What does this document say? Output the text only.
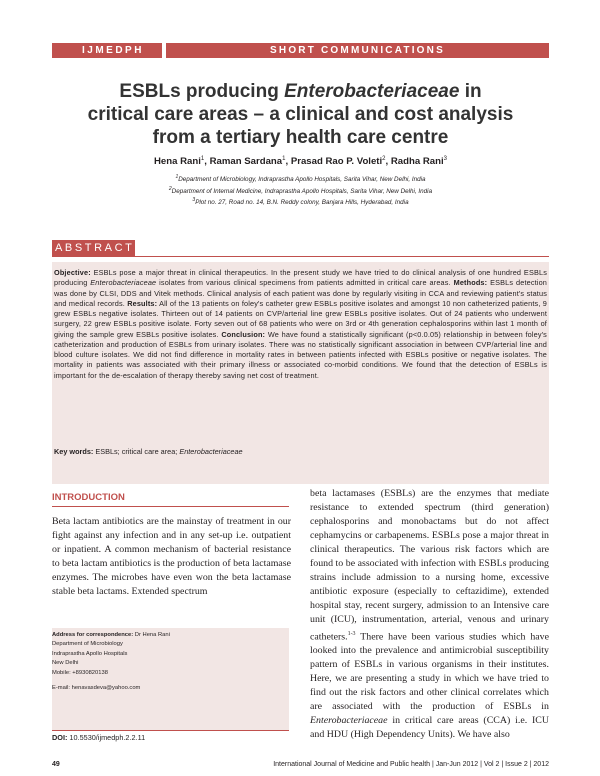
IJMEDPH	SHORT COMMUNICATIONS
ESBLs producing Enterobacteriaceae in
critical care areas – a clinical and cost analysis
from a tertiary health care centre
Hena Rani$^1$, Raman Sardana$^1$, Prasad Rao P. Voleti$^2$, Radha Rani$^3$
$^1$Department of Microbiology, Indraprastha Apollo Hospitals, Sarita Vihar, New Delhi, India
$^2$Department of Internal Medicine, Indraprastha Apollo Hospitals, Sarita Vihar, New Delhi, India
$^3$Plot no. 27, Road no. 14, B.N. Reddy colony, Banjara Hills, Hyderabad, India
ABSTRACT
Objective: ESBLs pose a major threat in clinical therapeutics. In the present study we have tried to do clinical analysis of one hundred ESBLs producing Enterobacteriaceae isolates from various clinical specimens from patients admitted in critical care areas. Methods: ESBLs detection was done by CLSI, DDS and Vitek methods. Clinical analysis of each patient was done by regularly visiting in CCA and reviewing patient's status and medical records. Results: All of the 13 patients on foley's catheter grew ESBLs positive isolates and amongst 10 non catheterized patients, 9 grew ESBLs negative isolates. Thirteen out of 14 patients on CVP/arterial line grew ESBLs positive isolates. Out of 24 patients who underwent surgery, 22 grew ESBLs positive isolate. Forty seven out of 68 patients who were on 3rd or 4th generation cephalosporins within last 1 month of giving the sample grew ESBLs positive isolates. Conclusion: We have found a statistically significant (p<0.0.05) relationship in between foley's catheterization and production of ESBLs from urinary isolates. There was no statistically significant association in between CVP/arterial line and blood culture isolates. We did not find difference in mortality rates in between patients infected with ESBLs positive or negative isolates. The mortality in patients was associated with their primary illness or associated co-morbid conditions. We found that the detection of ESBLs is important for the de-escalation of therapy thereby saving net cost of treatment.
Key words: ESBLs; critical care area; Enterobacteriaceae
INTRODUCTION
Beta lactam antibiotics are the mainstay of treatment in our fight against any infection and in any set-up i.e. outpatient or inpatient. A common mechanism of bacterial resistance to beta lactam antibiotics is the production of beta lactamase enzymes. The microbes have even won the beta lactamase stable beta lactams. Extended spectrum
beta lactamases (ESBLs) are the enzymes that mediate resistance to extended spectrum (third generation) cephalosporins and monobactams but do not affect cephamycins or carbapenems. ESBLs pose a major threat in clinical therapeutics. The various risk factors which are found to be associated with infection with ESBLs producing strains include admission to a nursing home, excessive antibiotic exposure (especially to ceftazidime), extended hospital stay, recent surgery, admission to an Intensive care unit (ICU), instrumentation, arterial, venous and urinary catheters.$^{1-3}$ There have been various studies which have looked into the prevalence and antimicrobial susceptibility pattern of ESBLs in various organisms in their institutes. Here, we are presenting a study in which we have tried to find out the risk factors and other clinical correlates which are associated with the production of ESBLs in Enterobacteriaceae in critical care areas (CCA) i.e. ICU and HDU (High Dependency Units). We have also
Address for correspondence: Dr Hena Rani
Department of Microbiology
Indraprastha Apollo Hospitals
New Delhi
Mobile: +8930820138
E-mail: henavasdeva@yahoo.com
DOI: 10.5530/ijmedph.2.2.11
49	International Journal of Medicine and Public health | Jan-Jun 2012 | Vol 2 | Issue 2 | 2012
